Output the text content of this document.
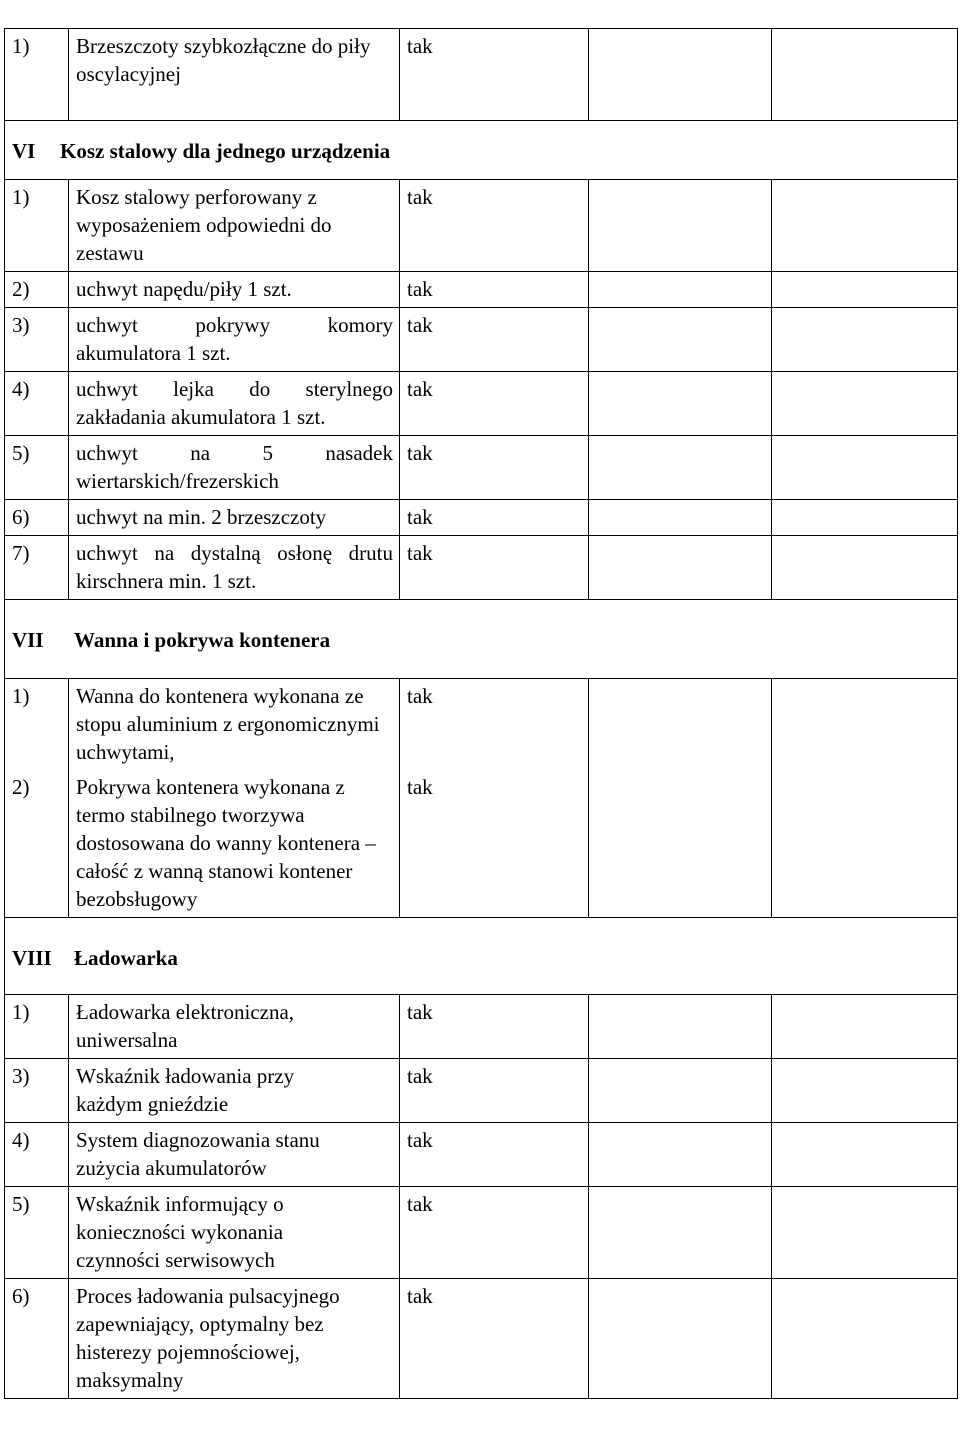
1)	Brzeszczoty szybkozłączne do piły oscylacyjnej	tak		
VI Kosz stalowy dla jednego urządzenia				
1)	Kosz stalowy perforowany z wyposażeniem odpowiedni do zestawu	tak		
2)	uchwyt napędu/piły 1 szt.	tak		
3)	uchwyt pokrywy komory akumulatora 1 szt.	tak		
4)	uchwyt lejka do sterylnego zakładania akumulatora 1 szt.	tak		
5)	uchwyt na 5 nasadek wiertarskich/frezerskich	tak		
6)	uchwyt na min. 2 brzeszczoty	tak		
7)	uchwyt na dystalną osłonę drutu kirschnera min. 1 szt.	tak		
VII Wanna i pokrywa kontenera				
1)	Wanna do kontenera wykonana ze stopu aluminium z ergonomicznymi uchwytami,	tak		
2)	Pokrywa kontenera wykonana z termo stabilnego tworzywa dostosowana do wanny kontenera – całość z wanną stanowi kontener bezobsługowy	tak		
VIII Ładowarka				
1)	Ładowarka elektroniczna, uniwersalna	tak		
3)	Wskaźnik ładowania przy każdym gnieździe	tak		
4)	System diagnozowania stanu zużycia akumulatorów	tak		
5)	Wskaźnik informujący o konieczności wykonania czynności serwisowych	tak		
6)	Proces ładowania pulsacyjnego zapewniający, optymalny bez histerezy pojemnościowej, maksymalny	tak		
